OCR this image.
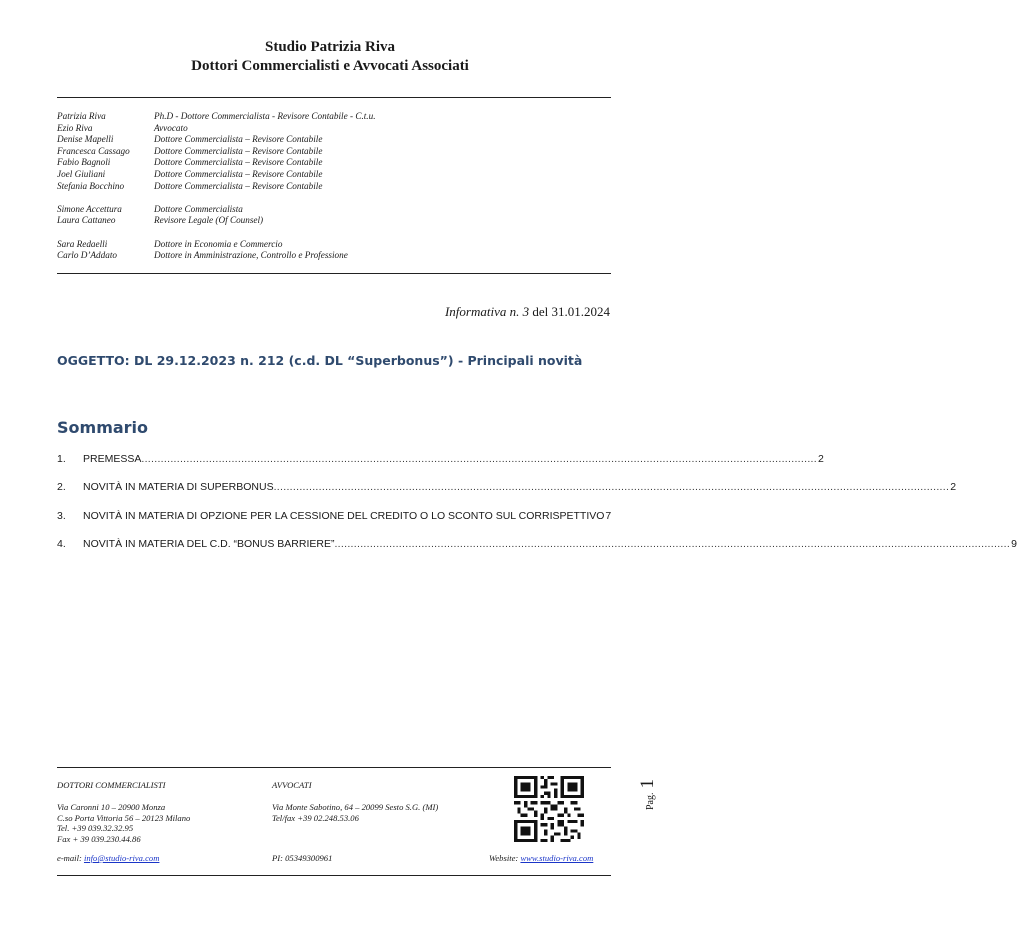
Studio Patrizia Riva
Dottori Commercialisti e Avvocati Associati
Patrizia Riva	Ph.D - Dottore Commercialista - Revisore Contabile - C.t.u.
Ezio Riva	Avvocato
Denise Mapelli	Dottore Commercialista – Revisore Contabile
Francesca Cassago	Dottore Commercialista – Revisore Contabile
Fabio Bagnoli	Dottore Commercialista – Revisore Contabile
Joel Giuliani	Dottore Commercialista – Revisore Contabile
Stefania Bocchino	Dottore Commercialista – Revisore Contabile
Simone Accettura	Dottore Commercialista
Laura Cattaneo	Revisore Legale (Of Counsel)
Sara Redaelli	Dottore in Economia e Commercio
Carlo D’Addato	Dottore in Amministrazione, Controllo e Professione
Informativa n. 3 del 31.01.2024
OGGETTO: DL 29.12.2023 n. 212 (c.d. DL “Superbonus”) - Principali novità
Sommario
1.	PREMESSA .................................................................................................................................................................................................................. 2
2.	NOVITÀ IN MATERIA DI SUPERBONUS .................................................................................................................................................................................................................. 2
3.	NOVITÀ IN MATERIA DI OPZIONE PER LA CESSIONE DEL CREDITO O LO SCONTO SUL CORRISPETTIVO 7
4.	NOVITÀ IN MATERIA DEL C.D. “BONUS BARRIERE” .................................................................................................................................................................................................................. 9
Pag. 1
DOTTORI COMMERCIALISTI
Via Caronni 10 – 20900 Monza
C.so Porta Vittoria 56 – 20123 Milano
Tel. +39 039.32.32.95
Fax + 39 039.230.44.86
e-mail: info@studio-riva.com
AVVOCATI
Via Monte Sabotino, 64 – 20099 Sesto S.G. (MI)
Tel/fax +39 02.248.53.06
PI: 05349300961	Website: www.studio-riva.com
